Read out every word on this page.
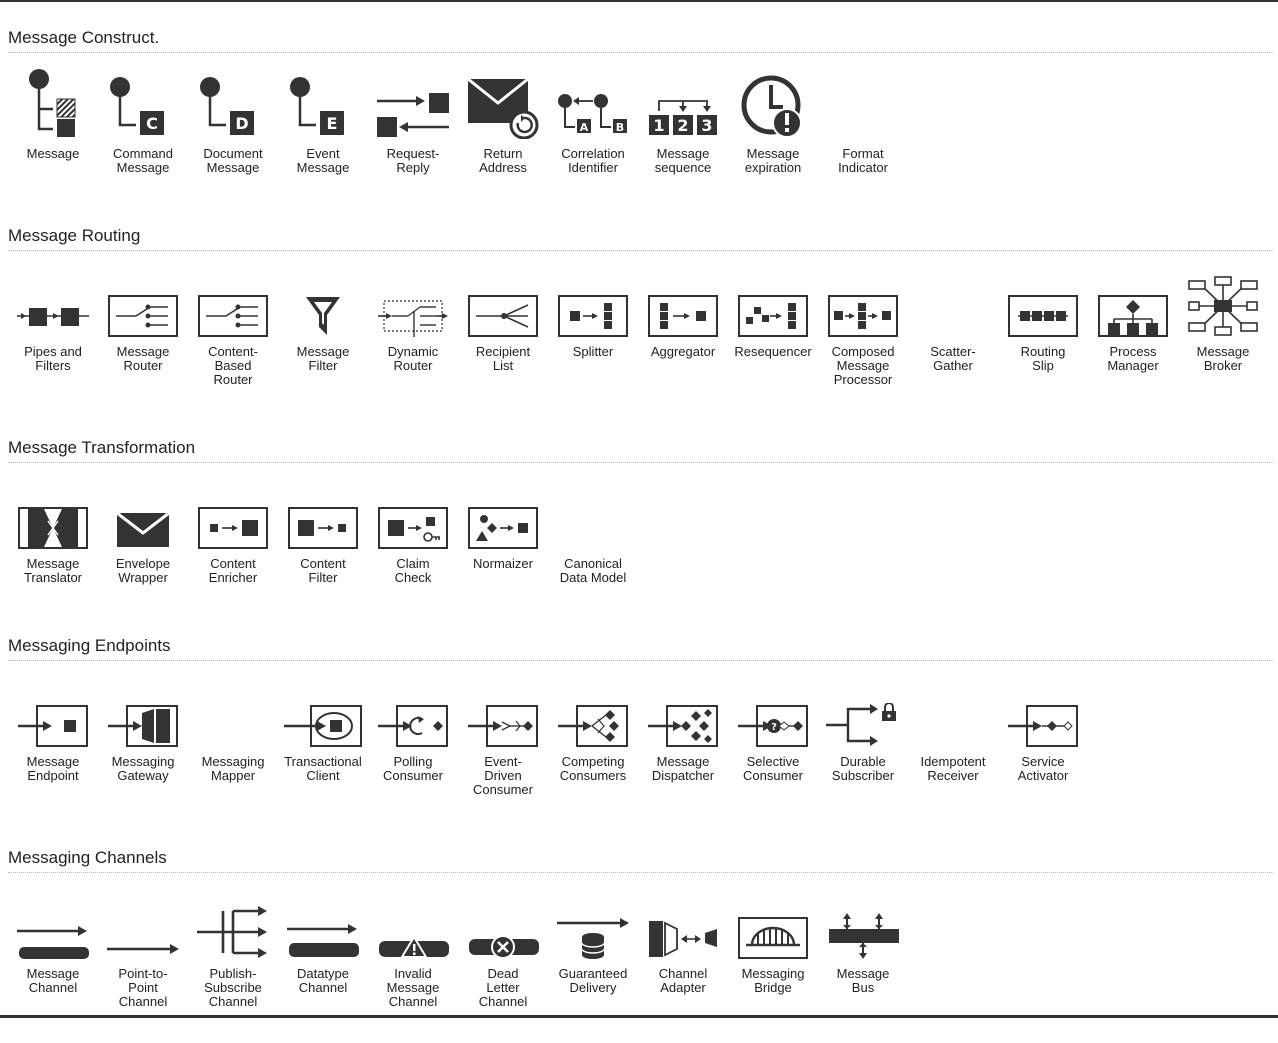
Message Construct.
Message
C
Command
Message
D
Document
Message
E
Event
Message
Request-
Reply
Return
Address
A	B
Correlation
Identifier
1 2 3
Message
sequence
Message
expiration
Format
Indicator
Message Routing
Pipes and
Filters
Message
Router
Content-
Based
Router
Message
Filter
Dynamic
Router
Recipient
List
Splitter	Aggregator	Resequencer	Composed
Message
Processor
Scatter-
Gather
Routing
Slip
Process
Manager
Message
Broker
Message Transformation
Message
Translator
Envelope
Wrapper
Content
Enricher
Content
Filter
Claim
Check
Normaizer	Canonical
Data Model
Messaging Endpoints
Message
Endpoint
Messaging
Gateway
Messaging
Mapper
Transactional
Client
Polling
Consumer
Event-
Driven
Consumer
Competing
Consumers
Message
Dispatcher
?
Selective
Consumer
Durable
Subscriber
Idempotent
Receiver
Service
Activator
Messaging Channels
Message
Channel
Point-to-
Point
Channel
Publish-
Subscribe
Channel
Datatype
Channel
Invalid
Message
Channel
Dead
Letter
Channel
Guaranteed
Delivery
Channel
Adapter
Messaging
Bridge
Message
Bus
